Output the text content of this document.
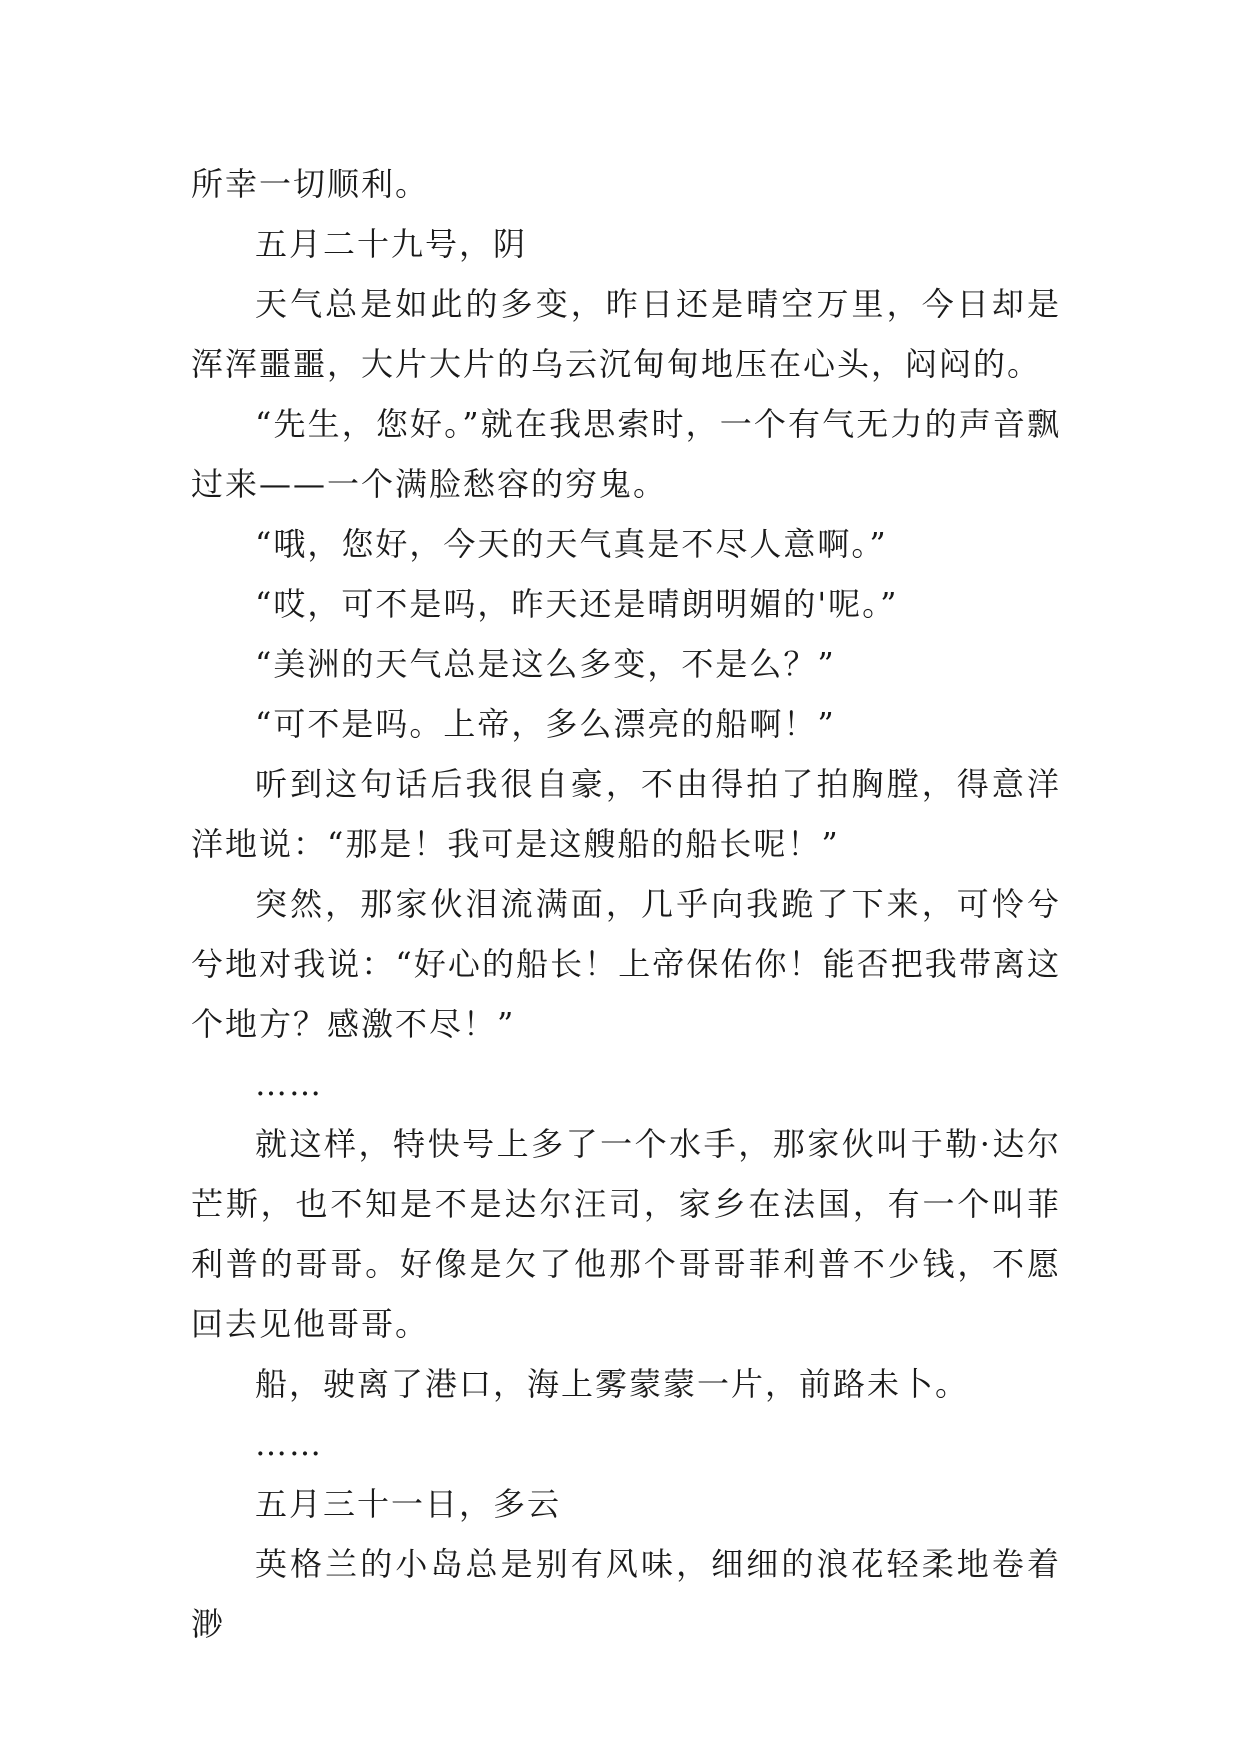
所幸一切顺利。

五月二十九号，阴

天气总是如此的多变，昨日还是晴空万里，今日却是浑浑噩噩，大片大片的乌云沉甸甸地压在心头，闷闷的。

“先生，您好。”就在我思索时，一个有气无力的声音飘过来——一个满脸愁容的穷鬼。

“哦，您好，今天的天气真是不尽人意啊。”

“哎，可不是吗，昨天还是晴朗明媚的'呢。”

“美洲的天气总是这么多变，不是么？”

“可不是吗。上帝，多么漂亮的船啊！”

听到这句话后我很自豪，不由得拍了拍胸膛，得意洋洋地说：“那是！我可是这艘船的船长呢！”

突然，那家伙泪流满面，几乎向我跪了下来，可怜兮兮地对我说：“好心的船长！上帝保佑你！能否把我带离这个地方？感激不尽！”

……

就这样，特快号上多了一个水手，那家伙叫于勒·达尔芒斯，也不知是不是达尔汪司，家乡在法国，有一个叫菲利普的哥哥。好像是欠了他那个哥哥菲利普不少钱，不愿回去见他哥哥。

船，驶离了港口，海上雾蒙蒙一片，前路未卜。

……

五月三十一日，多云

英格兰的小岛总是别有风味，细细的浪花轻柔地卷着渺
